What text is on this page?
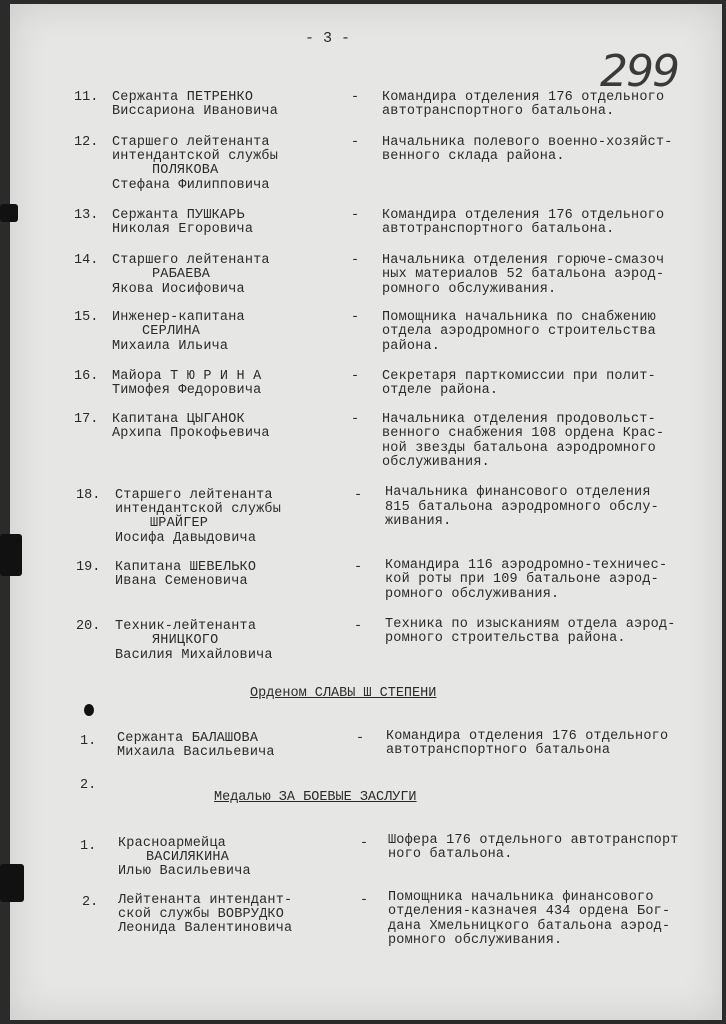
- 3 -
299
11. Сержанта ПЕТРЕНКО
Виссариона Ивановича
- Командира отделения 176 отдельного
автотранспортного батальона.
12. Старшего лейтенанта
интендантской службы
ПОЛЯКОВА
Стефана Филипповича
- Начальника полевого военно-хозяйст-
венного склада района.
13. Сержанта ПУШКАРЬ
Николая Егоровича
- Командира отделения 176 отдельного
автотранспортного батальона.
14. Старшего лейтенанта
РАБАЕВА
Якова Иосифовича
- Начальника отделения горюче-смазоч
ных материалов 52 батальона аэрод-
ромного обслуживания.
15. Инженер-капитана
СЕРЛИНА
Михаила Ильича
- Помощника начальника по снабжению
отдела аэродромного строительства
района.
16. Майора Т Ю Р И Н А
Тимофея Федоровича
- Секретаря парткомиссии при полит-
отделе района.
17. Капитана ЦЫГАНОК
Архипа Прокофьевича
- Начальника отделения продовольст-
венного снабжения 108 ордена Крас-
ной звезды батальона аэродромного
обслуживания.
18. Старшего лейтенанта
интендантской службы
ШРАЙГЕР
Иосифа Давыдовича
- Начальника финансового отделения
815 батальона аэродромного обслу-
живания.
19. Капитана ШЕВЕЛЬКО
Ивана Семеновича
- Командира 116 аэродромно-техничес-
кой роты при 109 батальоне аэрод-
ромного обслуживания.
20. Техник-лейтенанта
ЯНИЦКОГО
Василия Михайловича
- Техника по изысканиям отдела аэрод-
ромного строительства района.
Орденом СЛАВЫ Ш СТЕПЕНИ
1. Сержанта БАЛАШОВА
Михаила Васильевича
- Командира отделения 176 отдельного
автотранспортного батальона
2.
Медалью ЗА БОЕВЫЕ ЗАСЛУГИ
1. Красноармейца
ВАСИЛЯКИНА
Илью Васильевича
- Шофера 176 отдельного автотранспорт
ного батальона.
2. Лейтенанта интендант-
ской службы ВОВРУДКО
Леонида Валентиновича
- Помощника начальника финансового
отделения-казначея 434 ордена Бог-
дана Хмельницкого батальона аэрод-
ромного обслуживания.
